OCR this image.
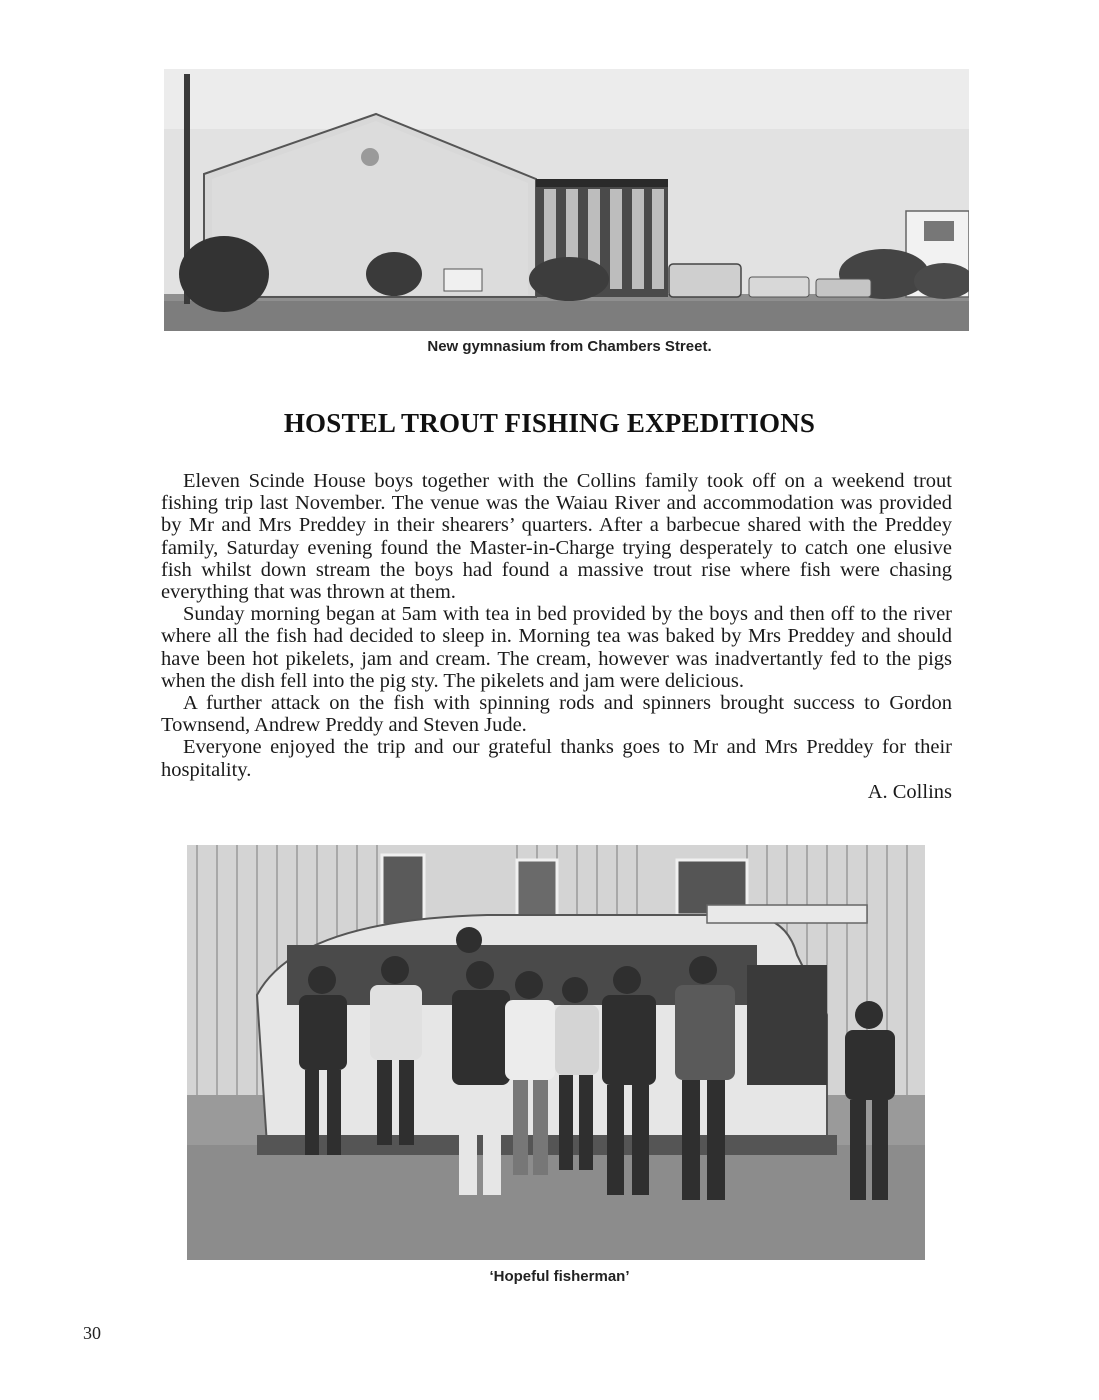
New gymnasium from Chambers Street.
HOSTEL TROUT FISHING EXPEDITIONS

Eleven Scinde House boys together with the Collins family took off on a weekend trout fishing trip last November. The venue was the Waiau River and accommodation was provided by Mr and Mrs Preddey in their shearers’ quarters. After a barbecue shared with the Preddey family, Saturday evening found the Master-in-Charge trying desperately to catch one elusive fish whilst down stream the boys had found a massive trout rise where fish were chasing everything that was thrown at them.

Sunday morning began at 5am with tea in bed provided by the boys and then off to the river where all the fish had decided to sleep in. Morning tea was baked by Mrs Preddey and should have been hot pikelets, jam and cream. The cream, however was inadvertantly fed to the pigs when the dish fell into the pig sty. The pikelets and jam were delicious.

A further attack on the fish with spinning rods and spinners brought success to Gordon Townsend, Andrew Preddy and Steven Jude.

Everyone enjoyed the trip and our grateful thanks goes to Mr and Mrs Preddey for their hospitality.

A. Collins

‘Hopeful fisherman’
30
